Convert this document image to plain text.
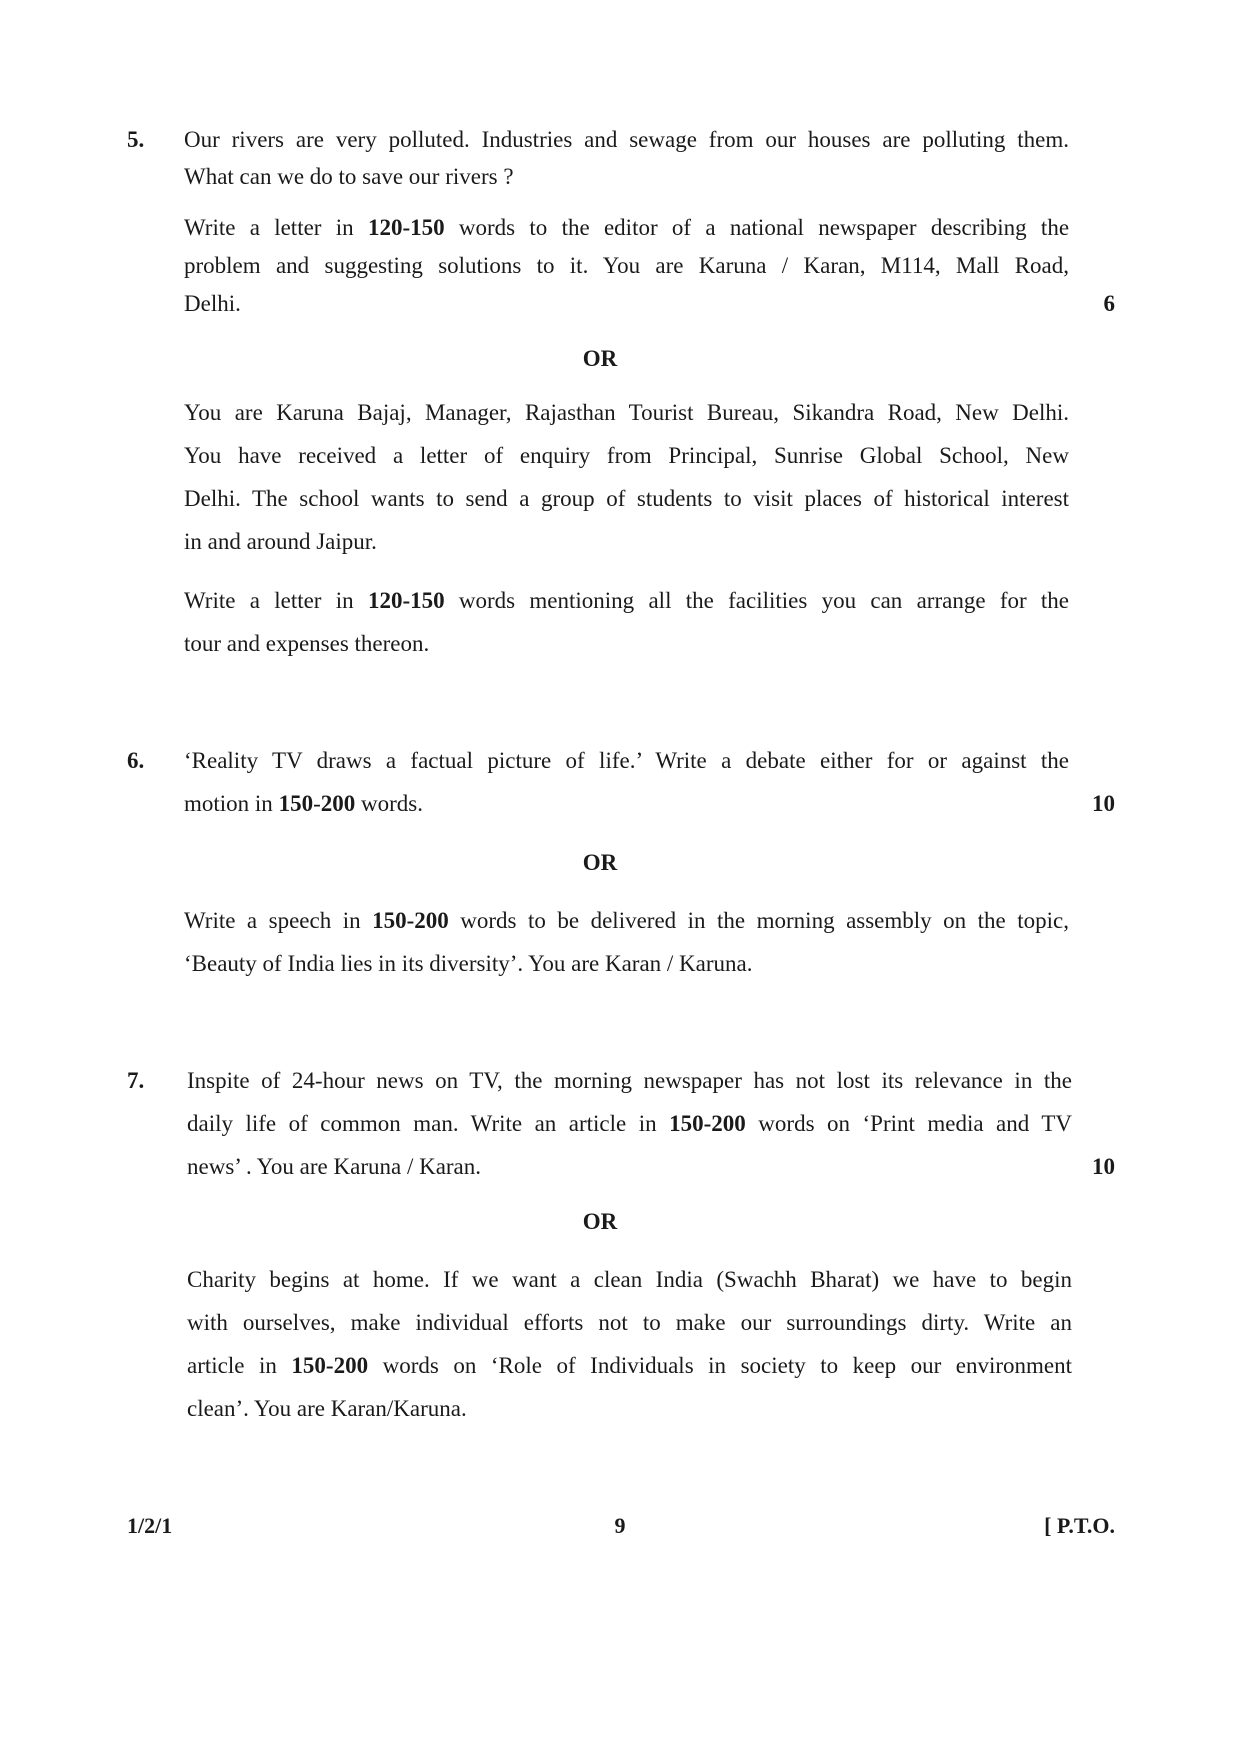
5. Our rivers are very polluted. Industries and sewage from our houses are polluting them.
What can we do to save our rivers ?
Write a letter in 120-150 words to the editor of a national newspaper describing the
problem and suggesting solutions to it. You are Karuna / Karan, M114, Mall Road,
Delhi.	6
OR
You are Karuna Bajaj, Manager, Rajasthan Tourist Bureau, Sikandra Road, New Delhi.
You have received a letter of enquiry from Principal, Sunrise Global School, New
Delhi. The school wants to send a group of students to visit places of historical interest
in and around Jaipur.
Write a letter in 120-150 words mentioning all the facilities you can arrange for the
tour and expenses thereon.
6. ‘Reality TV draws a factual picture of life.’ Write a debate either for or against the
motion in 150-200 words.	10
OR
Write a speech in 150-200 words to be delivered in the morning assembly on the topic,
‘Beauty of India lies in its diversity’. You are Karan / Karuna.
7. Inspite of 24-hour news on TV, the morning newspaper has not lost its relevance in the
daily life of common man. Write an article in 150-200 words on ‘Print media and TV
news’ . You are Karuna / Karan.	10
OR
Charity begins at home. If we want a clean India (Swachh Bharat) we have to begin
with ourselves, make individual efforts not to make our surroundings dirty. Write an
article in 150-200 words on ‘Role of Individuals in society to keep our environment
clean’. You are Karan/Karuna.
1/2/1	9	[ P.T.O.
